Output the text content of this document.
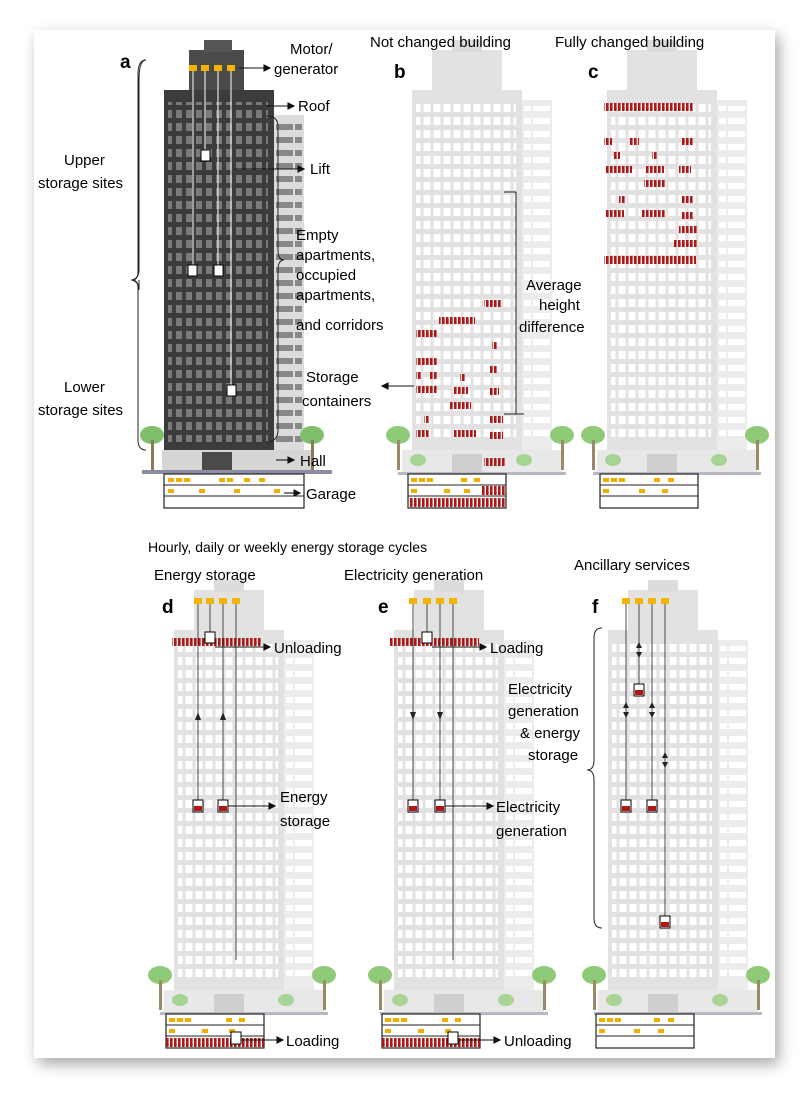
a	b	c
Not changed building	Fully changed building
Motor/
generator
Roof
Lift
Empty
apartments,
occupied
apartments,
and corridors
Upper
storage sites
Lower
storage sites
Average
height
difference
Storage
containers
Hall
Garage
Hourly, daily or weekly energy storage cycles
Energy storage	Electricity generation
Ancillary services
d	e	f
Unloading
Energy
storage
Loading
Loading
Electricity
generation
Unloading
Electricity
generation
& energy
storage
